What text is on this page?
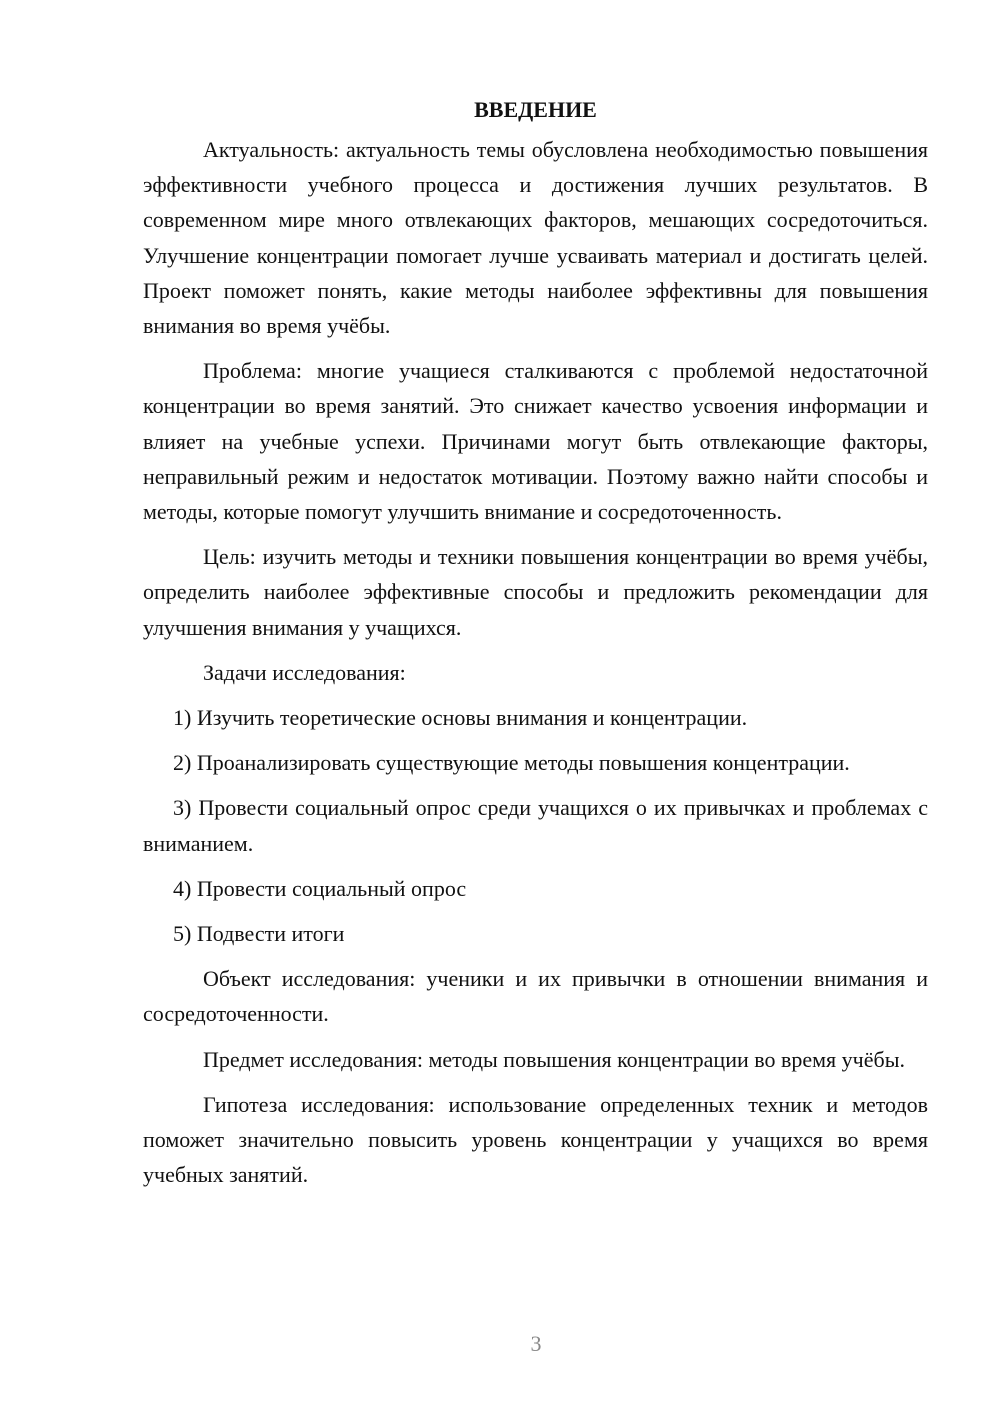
ВВЕДЕНИЕ

Актуальность: актуальность темы обусловлена необходимостью повышения эффективности учебного процесса и достижения лучших результатов. В современном мире много отвлекающих факторов, мешающих сосредоточиться. Улучшение концентрации помогает лучше усваивать материал и достигать целей. Проект поможет понять, какие методы наиболее эффективны для повышения внимания во время учёбы.

Проблема: многие учащиеся сталкиваются с проблемой недостаточной концентрации во время занятий. Это снижает качество усвоения информации и влияет на учебные успехи. Причинами могут быть отвлекающие факторы, неправильный режим и недостаток мотивации. Поэтому важно найти способы и методы, которые помогут улучшить внимание и сосредоточенность.

Цель: изучить методы и техники повышения концентрации во время учёбы, определить наиболее эффективные способы и предложить рекомендации для улучшения внимания у учащихся.

Задачи исследования:

1) Изучить теоретические основы внимания и концентрации.

2) Проанализировать существующие методы повышения концентрации.

3) Провести социальный опрос среди учащихся о их привычках и проблемах с вниманием.

4) Провести социальный опрос

5) Подвести итоги

Объект исследования: ученики и их привычки в отношении внимания и сосредоточенности.

Предмет исследования: методы повышения концентрации во время учёбы.

Гипотеза исследования: использование определенных техник и методов поможет значительно повысить уровень концентрации у учащихся во время учебных занятий.

3
